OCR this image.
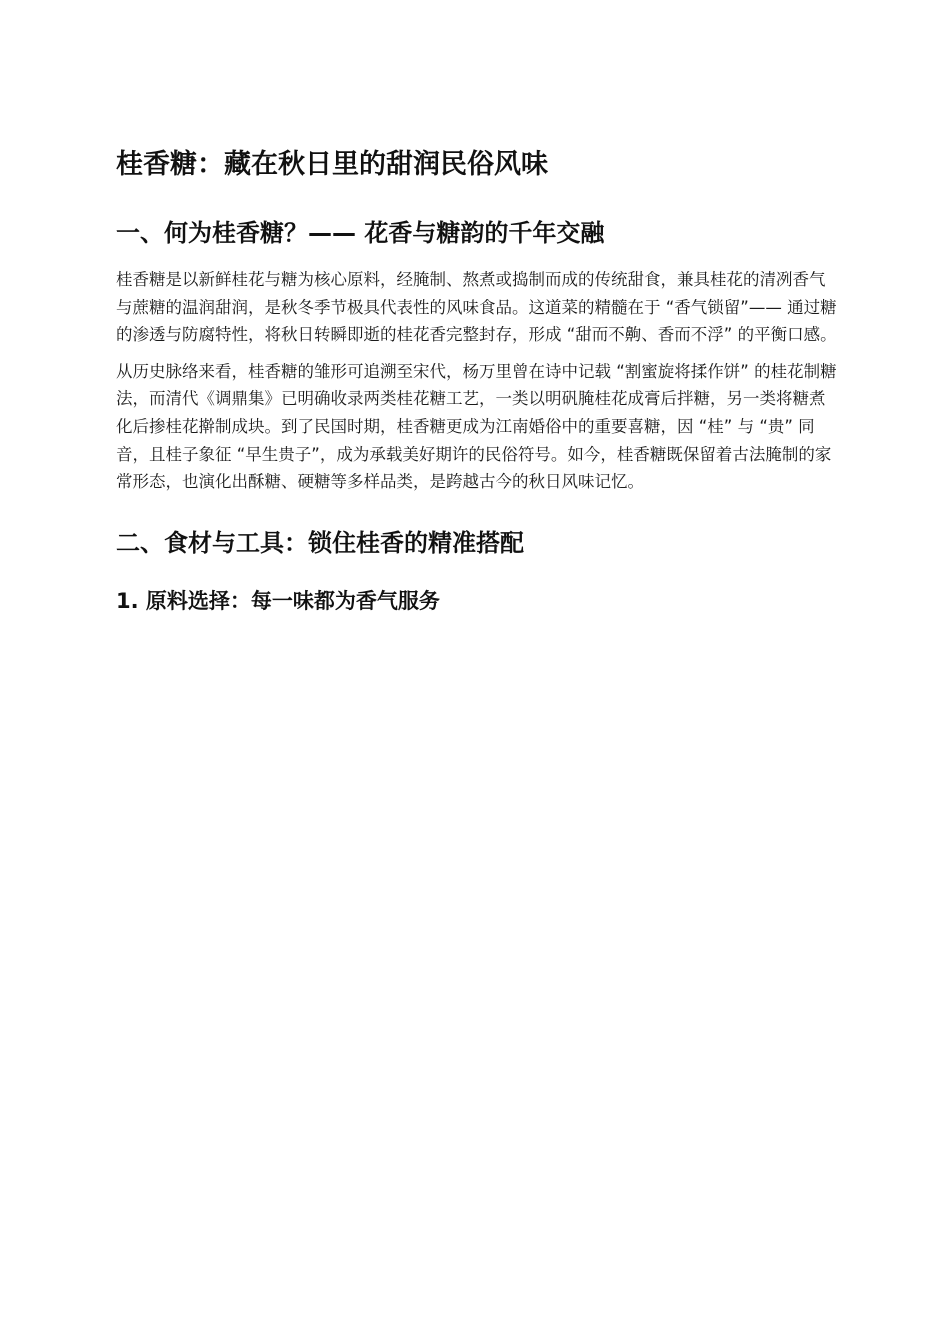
桂香糖：藏在秋日里的甜润民俗风味
一、何为桂香糖？—— 花香与糖韵的千年交融

桂香糖是以新鲜桂花与糖为核心原料，经腌制、熬煮或捣制而成的传统甜食，兼具桂花的清冽香气与蔗糖的温润甜润，是秋冬季节极具代表性的风味食品。这道菜的精髓在于 “香气锁留”—— 通过糖的渗透与防腐特性，将秋日转瞬即逝的桂花香完整封存，形成 “甜而不齁、香而不浮” 的平衡口感。

从历史脉络来看，桂香糖的雏形可追溯至宋代，杨万里曾在诗中记载 “割蜜旋将揉作饼” 的桂花制糖法，而清代《调鼎集》已明确收录两类桂花糖工艺，一类以明矾腌桂花成膏后拌糖，另一类将糖煮化后掺桂花擀制成块。到了民国时期，桂香糖更成为江南婚俗中的重要喜糖，因 “桂” 与 “贵” 同音，且桂子象征 “早生贵子”，成为承载美好期许的民俗符号。如今，桂香糖既保留着古法腌制的家常形态，也演化出酥糖、硬糖等多样品类，是跨越古今的秋日风味记忆。

二、食材与工具：锁住桂香的精准搭配
1. 原料选择：每一味都为香气服务
